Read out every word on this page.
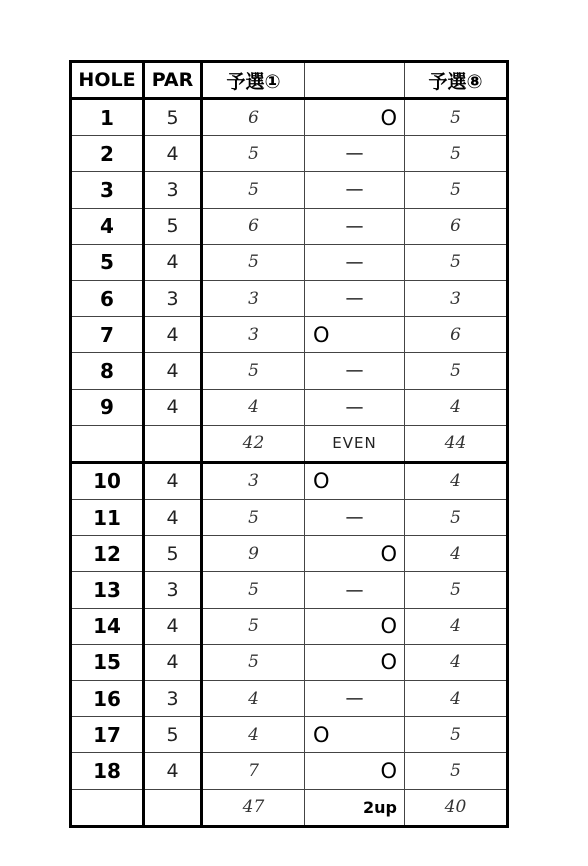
HOLE	PAR	予選①		予選⑧
1	5	6	O	5
2	4	5	—	5
3	3	5	—	5
4	5	6	—	6
5	4	5	—	5
6	3	3	—	3
7	4	3	O	6
8	4	5	—	5
9	4	4	—	4
		42	EVEN	44
10	4	3	O	4
11	4	5	—	5
12	5	9	O	4
13	3	5	—	5
14	4	5	O	4
15	4	5	O	4
16	3	4	—	4
17	5	4	O	5
18	4	7	O	5
		47	2up	40
